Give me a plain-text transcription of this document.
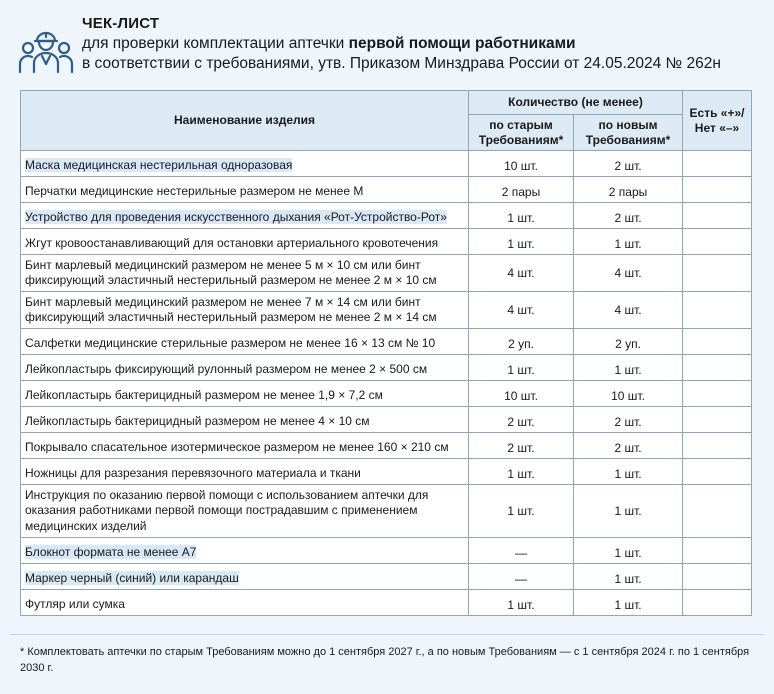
ЧЕК-ЛИСТ
для проверки комплектации аптечки первой помощи работниками
в соответствии с требованиями, утв. Приказом Минздрава России от 24.05.2024 № 262н
Наименование изделия	Количество (не менее)		Есть «+»/ Нет «–»
	по старым Требованиям*	по новым Требованиям*	
Маска медицинская нестерильная одноразовая	10 шт.	2 шт.	
Перчатки медицинские нестерильные размером не менее M	2 пары	2 пары	
Устройство для проведения искусственного дыхания «Рот-Устройство-Рот»	1 шт.	2 шт.	
Жгут кровоостанавливающий для остановки артериального кровотечения	1 шт.	1 шт.	
Бинт марлевый медицинский размером не менее 5 м × 10 см или бинт фиксирующий эластичный нестерильный размером не менее 2 м × 10 см	4 шт.	4 шт.	
Бинт марлевый медицинский размером не менее 7 м × 14 см или бинт фиксирующий эластичный нестерильный размером не менее 2 м × 14 см	4 шт.	4 шт.	
Салфетки медицинские стерильные размером не менее 16 × 13 см № 10	2 уп.	2 уп.	
Лейкопластырь фиксирующий рулонный размером не менее 2 × 500 см	1 шт.	1 шт.	
Лейкопластырь бактерицидный размером не менее 1,9 × 7,2 см	10 шт.	10 шт.	
Лейкопластырь бактерицидный размером не менее 4 × 10 см	2 шт.	2 шт.	
Покрывало спасательное изотермическое размером не менее 160 × 210 см	2 шт.	2 шт.	
Ножницы для разрезания перевязочного материала и ткани	1 шт.	1 шт.	
Инструкция по оказанию первой помощи с использованием аптечки для оказания работниками первой помощи пострадавшим с применением медицинских изделий	1 шт.	1 шт.	
Блокнот формата не менее А7	—	1 шт.	
Маркер черный (синий) или карандаш	—	1 шт.	
Футляр или сумка	1 шт.	1 шт.	
* Комплектовать аптечки по старым Требованиям можно до 1 сентября 2027 г., а по новым Требованиям — с 1 сентября 2024 г. по 1 сентября 2030 г.
